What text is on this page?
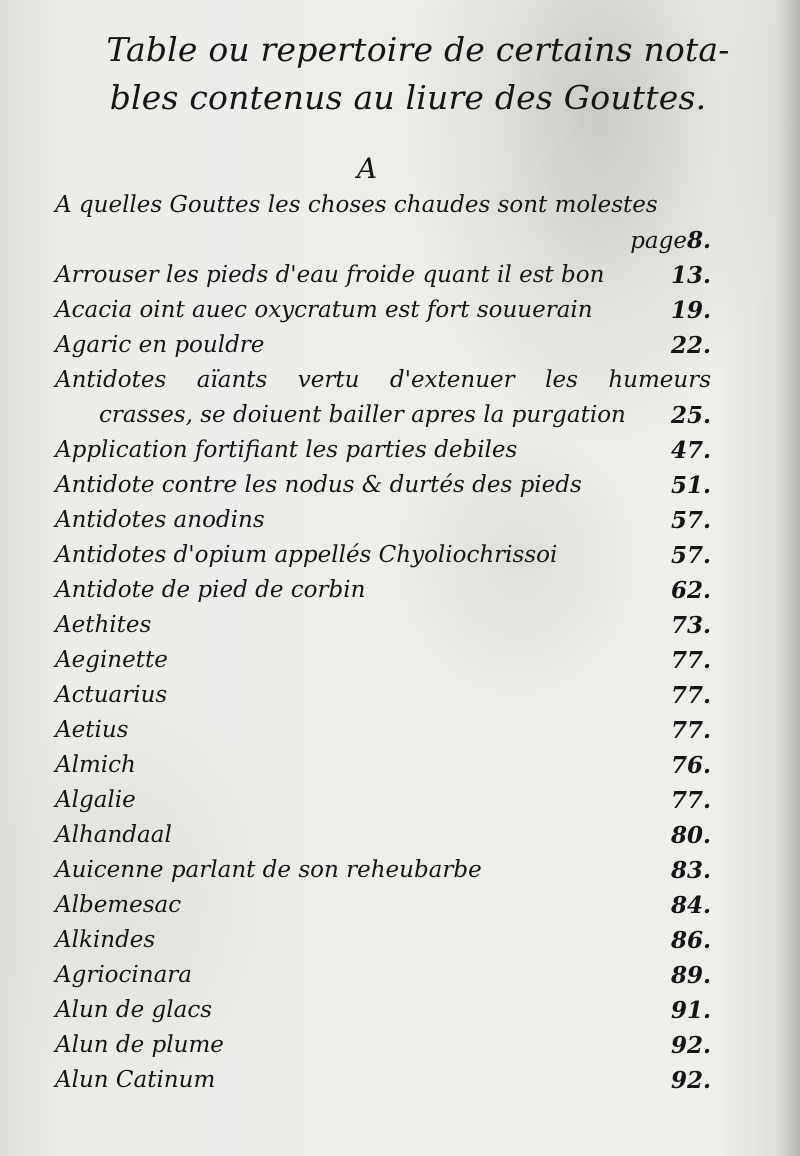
Table ou repertoire de certains nota-
bles contenus au liure des Gouttes.
A
A quelles Gouttes les choses chaudes sont molestes
page8.
Arrouser les pieds d'eau froide quant il est bon	13.
Acacia oint auec oxycratum est fort souuerain	19.
Agaric en pouldre	22.
Antidotes aïants vertu d'extenuer les humeurs
crasses, se doiuent bailler apres la purgation 25.
Application fortifiant les parties debiles	47.
Antidote contre les nodus & durtés des pieds	51.
Antidotes anodins	57.
Antidotes d'opium appellés Chyoliochrissoi	57.
Antidote de pied de corbin	62.
Aethites	73.
Aeginette	77.
Actuarius	77.
Aetius	77.
Almich	76.
Algalie	77.
Alhandaal	80.
Auicenne parlant de son reheubarbe	83.
Albemesac	84.
Alkindes	86.
Agriocinara	89.
Alun de glacs	91.
Alun de plume	92.
Alun Catinum	92.
